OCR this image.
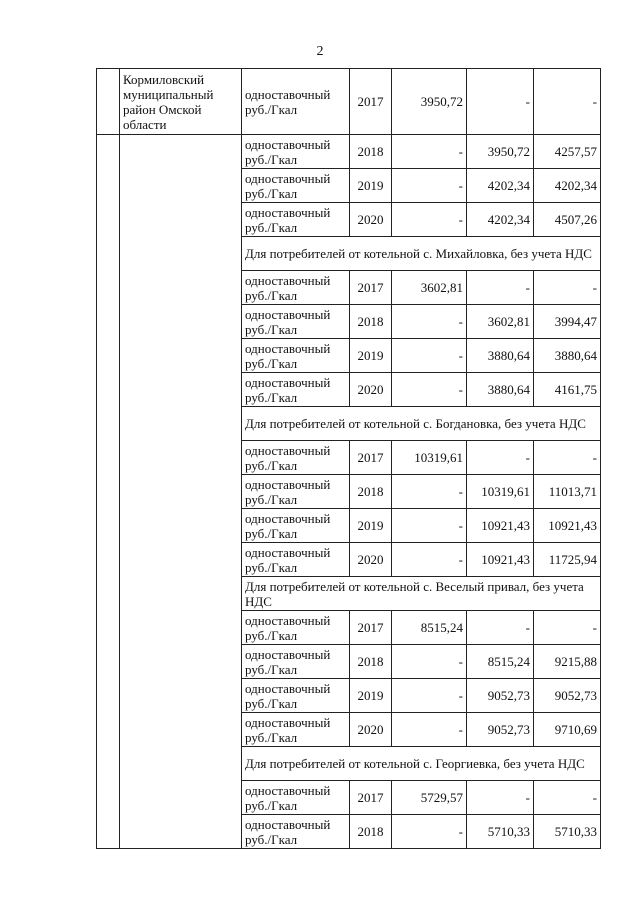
2
	Кормиловский муниципальный район Омской области	одноставочный руб./Гкал	2017	3950,72	-	-
		одноставочный руб./Гкал	2018	-	3950,72	4257,57
		одноставочный руб./Гкал	2019	-	4202,34	4202,34
		одноставочный руб./Гкал	2020	-	4202,34	4507,26
		Для потребителей от котельной с. Михайловка, без учета НДС				
		одноставочный руб./Гкал	2017	3602,81	-	-
		одноставочный руб./Гкал	2018	-	3602,81	3994,47
		одноставочный руб./Гкал	2019	-	3880,64	3880,64
		одноставочный руб./Гкал	2020	-	3880,64	4161,75
		Для потребителей от котельной с. Богдановка, без учета НДС				
		одноставочный руб./Гкал	2017	10319,61	-	-
		одноставочный руб./Гкал	2018	-	10319,61	11013,71
		одноставочный руб./Гкал	2019	-	10921,43	10921,43
		одноставочный руб./Гкал	2020	-	10921,43	11725,94
		Для потребителей от котельной с. Веселый привал, без учета НДС				
		одноставочный руб./Гкал	2017	8515,24	-	-
		одноставочный руб./Гкал	2018	-	8515,24	9215,88
		одноставочный руб./Гкал	2019	-	9052,73	9052,73
		одноставочный руб./Гкал	2020	-	9052,73	9710,69
		Для потребителей от котельной с. Георгиевка, без учета НДС				
		одноставочный руб./Гкал	2017	5729,57	-	-
		одноставочный руб./Гкал	2018	-	5710,33	5710,33
